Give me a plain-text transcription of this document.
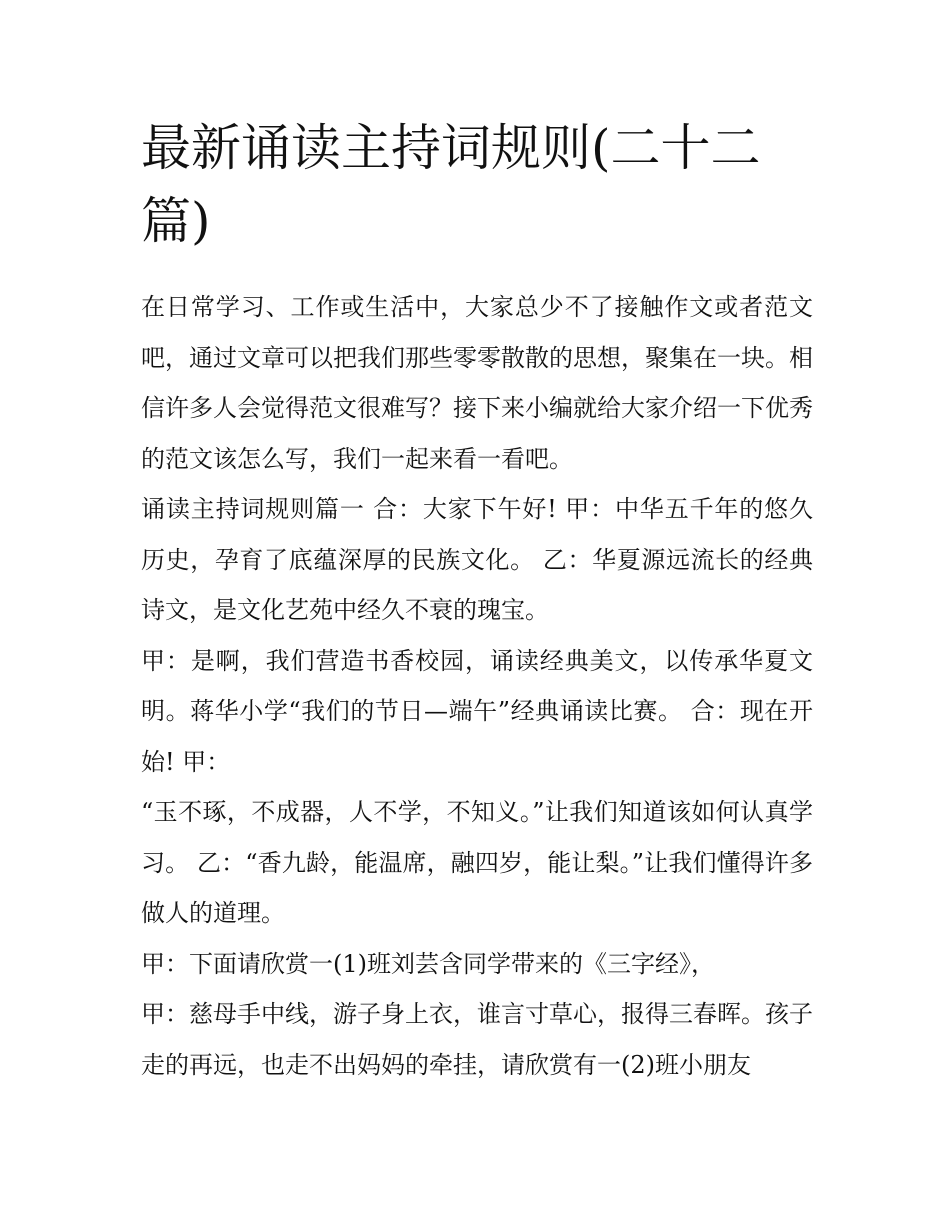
最新诵读主持词规则(二十二篇)

在日常学习、工作或生活中，大家总少不了接触作文或者范文吧，通过文章可以把我们那些零零散散的思想，聚集在一块。相信许多人会觉得范文很难写？接下来小编就给大家介绍一下优秀的范文该怎么写，我们一起来看一看吧。

诵读主持词规则篇一 合：大家下午好! 甲：中华五千年的悠久历史，孕育了底蕴深厚的民族文化。 乙：华夏源远流长的经典诗文，是文化艺苑中经久不衰的瑰宝。

甲：是啊，我们营造书香校园，诵读经典美文，以传承华夏文明。蒋华小学“我们的节日—端午”经典诵读比赛。 合：现在开始! 甲：

“玉不琢，不成器，人不学，不知义。”让我们知道该如何认真学习。 乙：“香九龄，能温席，融四岁，能让梨。”让我们懂得许多做人的道理。

甲：下面请欣赏一(1)班刘芸含同学带来的《三字经》，

甲：慈母手中线，游子身上衣，谁言寸草心，报得三春晖。孩子走的再远，也走不出妈妈的牵挂，请欣赏有一(2)班小朋友
